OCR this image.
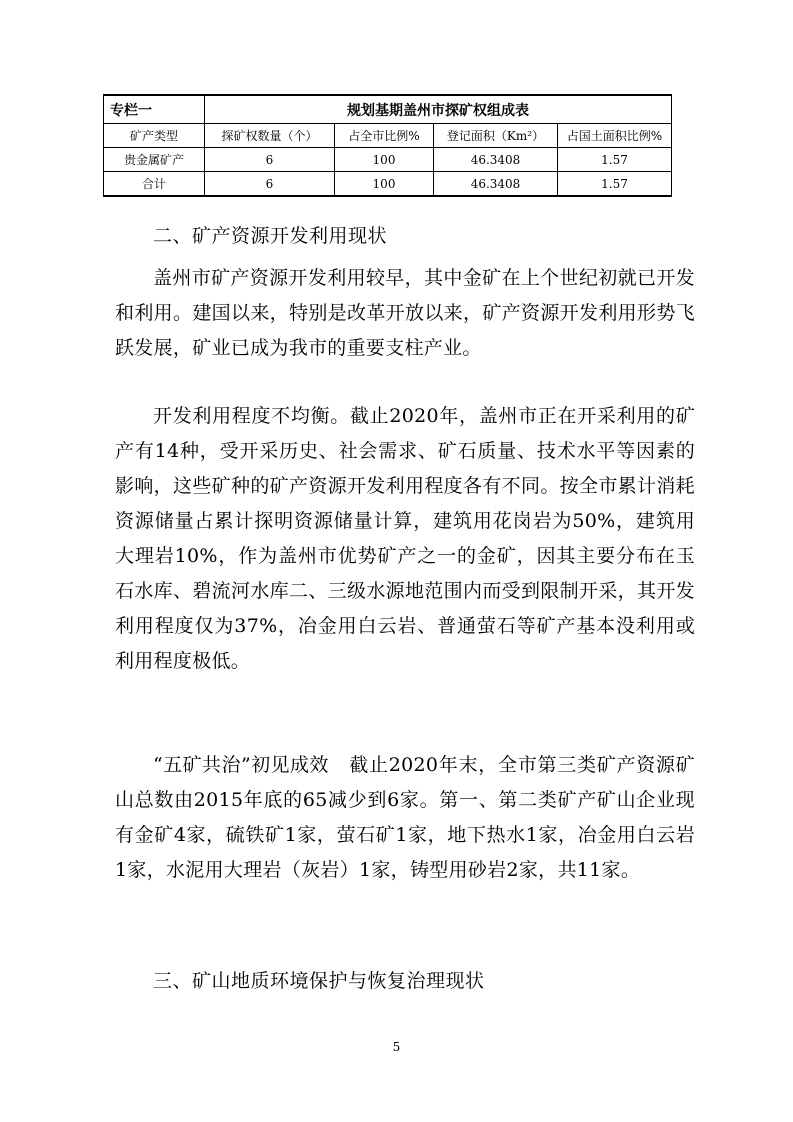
专栏一	规划基期盖州市探矿权组成表			
矿产类型	探矿权数量（个）	占全市比例%	登记面积（Km²）	占国土面积比例%
贵金属矿产	6	100	46.3408	1.57
合计	6	100	46.3408	1.57

二、矿产资源开发利用现状

盖州市矿产资源开发利用较早，其中金矿在上个世纪初就已开发和利用。建国以来，特别是改革开放以来，矿产资源开发利用形势飞跃发展，矿业已成为我市的重要支柱产业。

开发利用程度不均衡。截止2020年，盖州市正在开采利用的矿产有14种，受开采历史、社会需求、矿石质量、技术水平等因素的影响，这些矿种的矿产资源开发利用程度各有不同。按全市累计消耗资源储量占累计探明资源储量计算，建筑用花岗岩为50%，建筑用大理岩10%，作为盖州市优势矿产之一的金矿，因其主要分布在玉石水库、碧流河水库二、三级水源地范围内而受到限制开采，其开发利用程度仅为37%，冶金用白云岩、普通萤石等矿产基本没利用或利用程度极低。

“五矿共治”初见成效 截止2020年末，全市第三类矿产资源矿山总数由2015年底的65减少到6家。第一、第二类矿产矿山企业现有金矿4家，硫铁矿1家，萤石矿1家，地下热水1家，冶金用白云岩1家，水泥用大理岩（灰岩）1家，铸型用砂岩2家，共11家。

三、矿山地质环境保护与恢复治理现状

5
